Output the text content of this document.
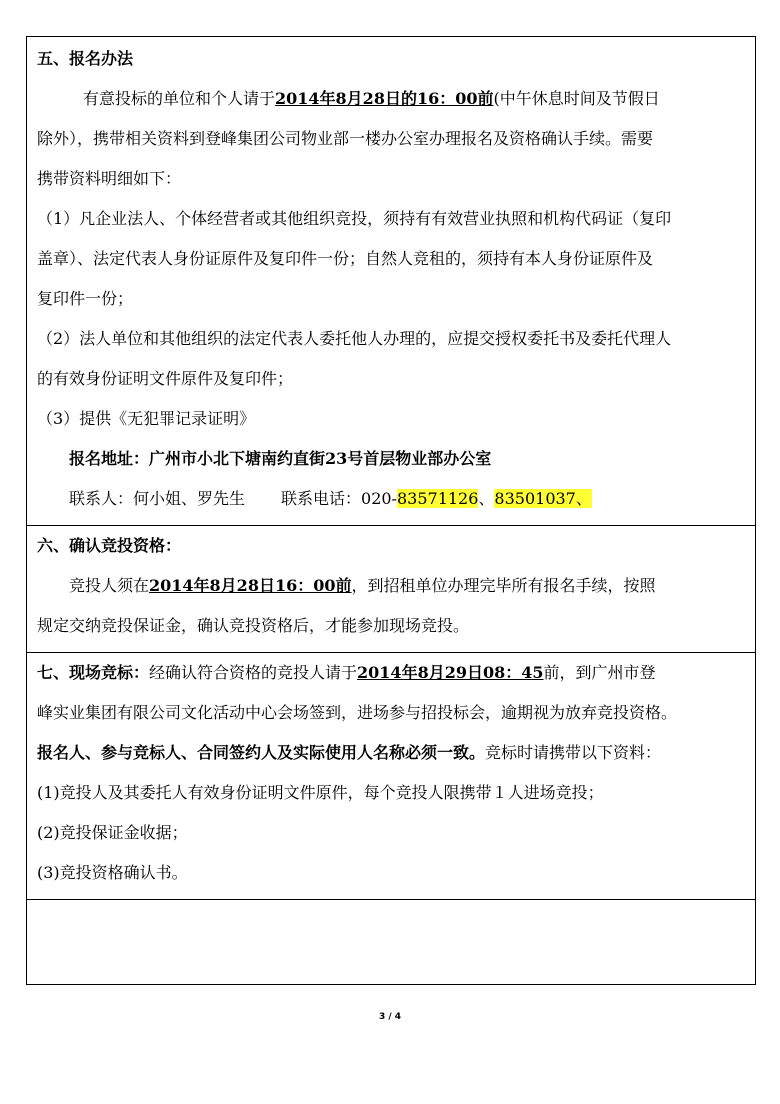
五、报名办法
有意投标的单位和个人请于2014年8月28日的16：00前(中午休息时间及节假日
除外），携带相关资料到登峰集团公司物业部一楼办公室办理报名及资格确认手续。需要
携带资料明细如下：
（1）凡企业法人、个体经营者或其他组织竞投，须持有有效营业执照和机构代码证（复印
盖章）、法定代表人身份证原件及复印件一份；自然人竞租的，须持有本人身份证原件及
复印件一份；
（2）法人单位和其他组织的法定代表人委托他人办理的，应提交授权委托书及委托代理人
的有效身份证明文件原件及复印件；
（3）提供《无犯罪记录证明》
报名地址：广州市小北下塘南约直街23号首层物业部办公室
联系人：何小姐、罗先生 联系电话：020-83571126、83501037、
六、确认竞投资格：
竞投人须在2014年8月28日16：00前，到招租单位办理完毕所有报名手续，按照
规定交纳竞投保证金，确认竞投资格后，才能参加现场竞投。
七、现场竞标：经确认符合资格的竞投人请于2014年8月29日08：45前，到广州市登
峰实业集团有限公司文化活动中心会场签到，进场参与招投标会，逾期视为放弃竞投资格。
报名人、参与竞标人、合同签约人及实际使用人名称必须一致。竞标时请携带以下资料：
(1)竞投人及其委托人有效身份证明文件原件，每个竞投人限携带１人进场竞投；
(2)竞投保证金收据；
(3)竞投资格确认书。
3 / 4
